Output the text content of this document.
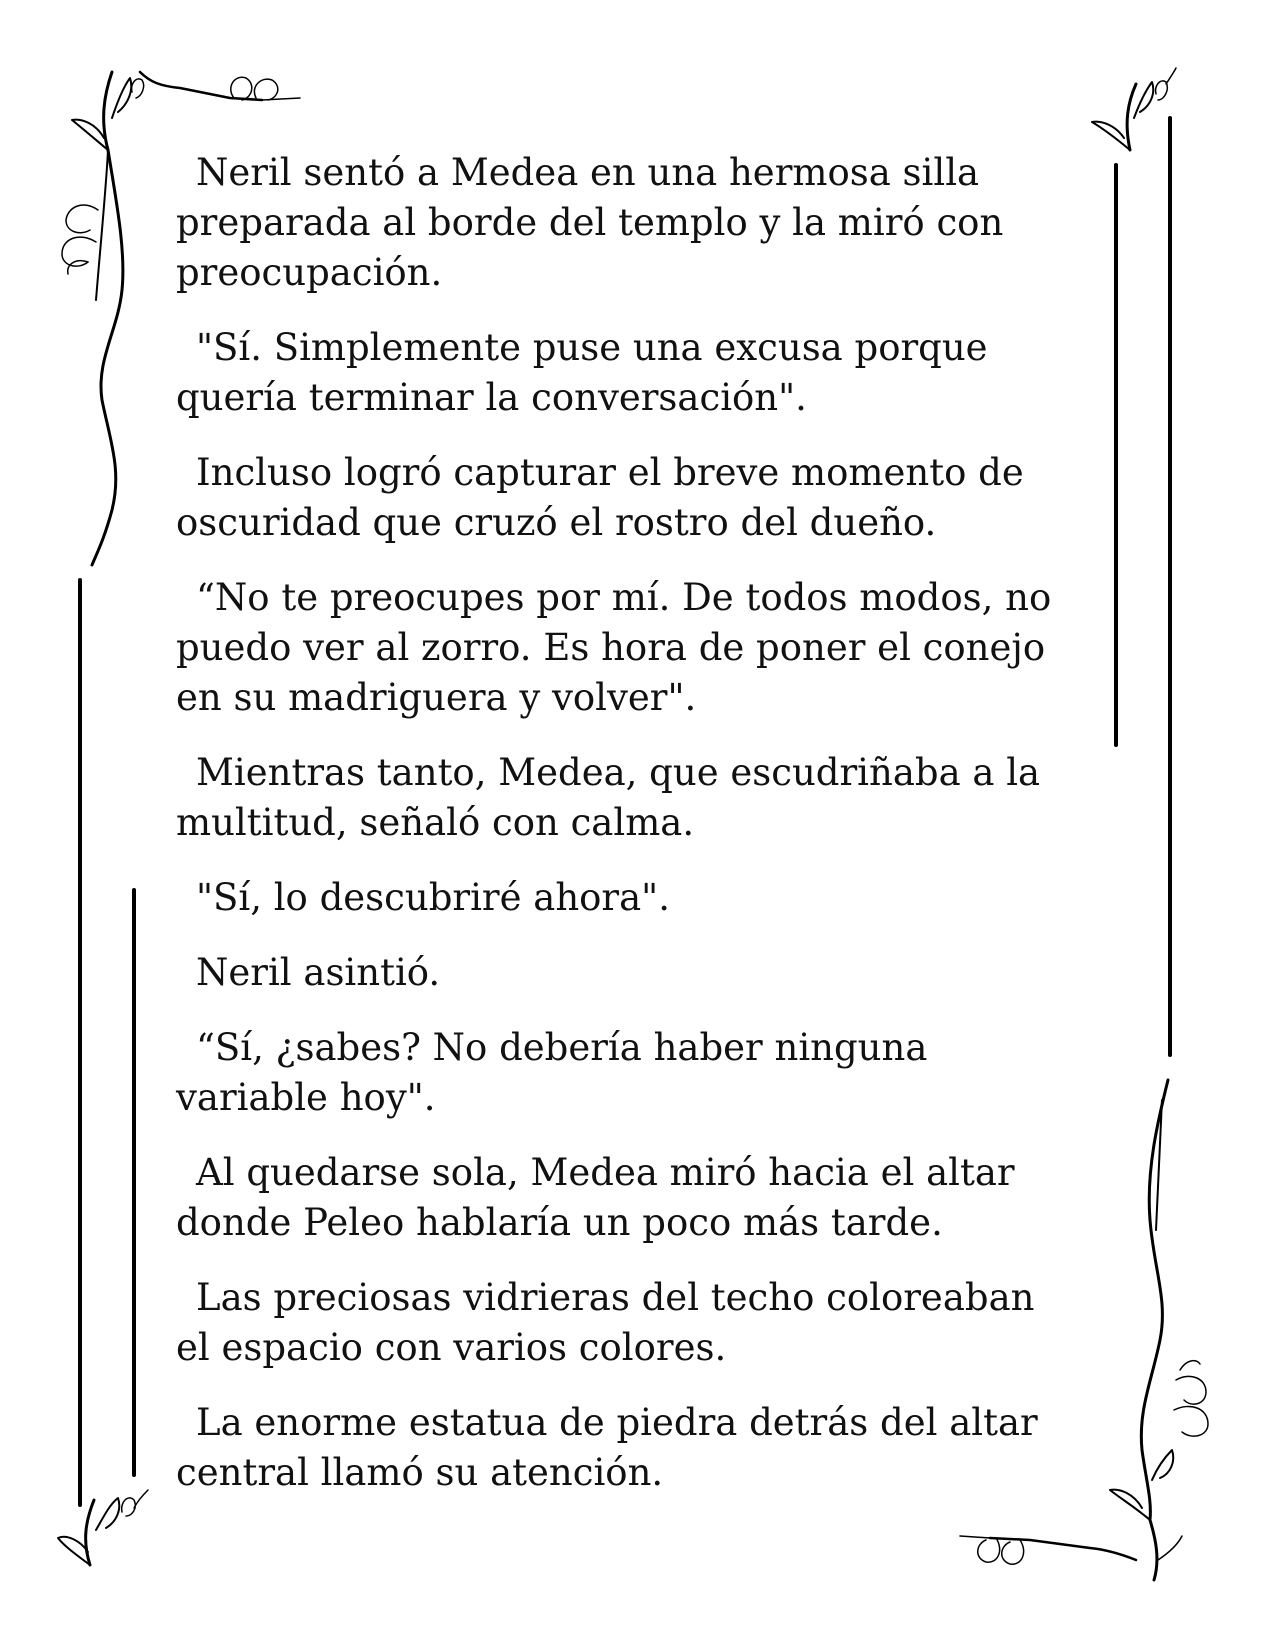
Neril sentó a Medea en una hermosa silla preparada al borde del templo y la miró con preocupación.

"Sí. Simplemente puse una excusa porque quería terminar la conversación".

Incluso logró capturar el breve momento de oscuridad que cruzó el rostro del dueño.

“No te preocupes por mí. De todos modos, no puedo ver al zorro. Es hora de poner el conejo en su madriguera y volver".

Mientras tanto, Medea, que escudriñaba a la multitud, señaló con calma.

"Sí, lo descubriré ahora".

Neril asintió.

“Sí, ¿sabes? No debería haber ninguna variable hoy".

Al quedarse sola, Medea miró hacia el altar donde Peleo hablaría un poco más tarde.

Las preciosas vidrieras del techo coloreaban el espacio con varios colores.

La enorme estatua de piedra detrás del altar central llamó su atención.
